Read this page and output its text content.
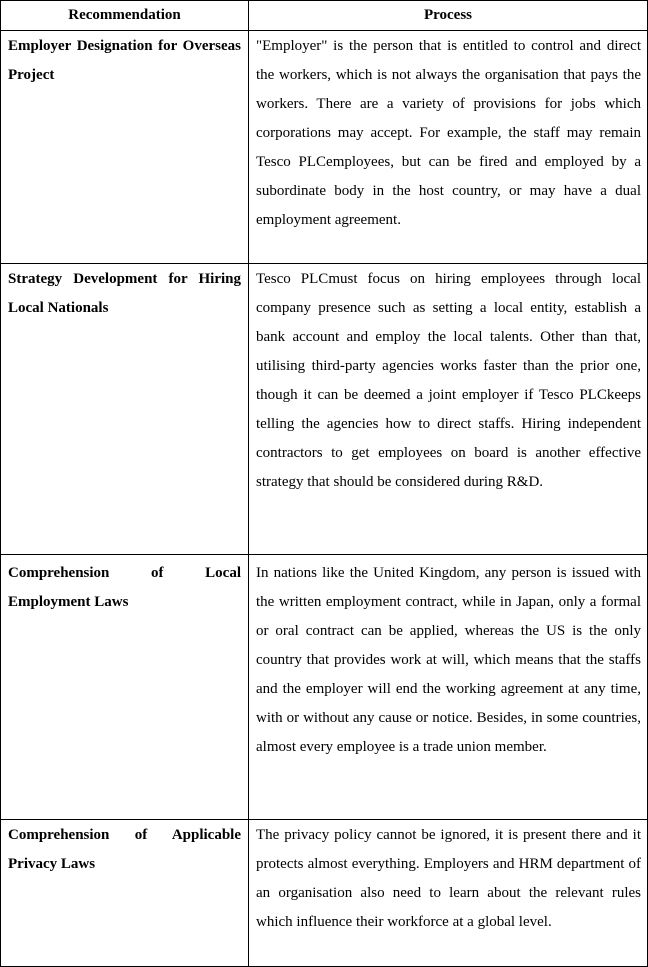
Recommendation	Process

Employer Designation for Overseas Project	"Employer" is the person that is entitled to control and direct the workers, which is not always the organisation that pays the workers. There are a variety of provisions for jobs which corporations may accept. For example, the staff may remain Tesco PLCemployees, but can be fired and employed by a subordinate body in the host country, or may have a dual employment agreement.

Strategy Development for Hiring Local Nationals	Tesco PLCmust focus on hiring employees through local company presence such as setting a local entity, establish a bank account and employ the local talents. Other than that, utilising third-party agencies works faster than the prior one, though it can be deemed a joint employer if Tesco PLCkeeps telling the agencies how to direct staffs. Hiring independent contractors to get employees on board is another effective strategy that should be considered during R&D.

Comprehension of Local Employment Laws	In nations like the United Kingdom, any person is issued with the written employment contract, while in Japan, only a formal or oral contract can be applied, whereas the US is the only country that provides work at will, which means that the staffs and the employer will end the working agreement at any time, with or without any cause or notice. Besides, in some countries, almost every employee is a trade union member.

Comprehension of Applicable Privacy Laws	The privacy policy cannot be ignored, it is present there and it protects almost everything. Employers and HRM department of an organisation also need to learn about the relevant rules which influence their workforce at a global level.
